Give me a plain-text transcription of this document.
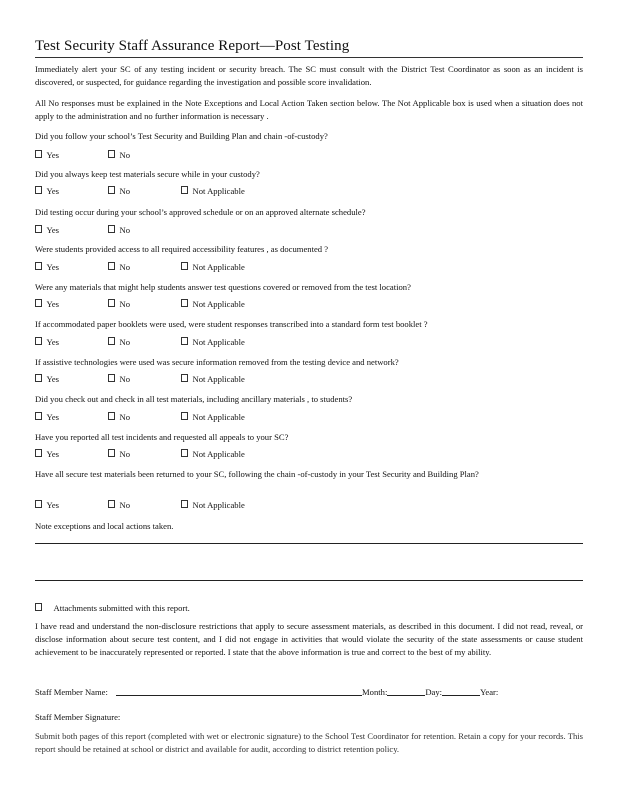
Test Security Staff Assurance Report—Post Testing
Immediately alert your SC of any testing incident or security breach. The SC must consult with the District Test Coordinator as soon as an incident is discovered, or suspected, for guidance regarding the investigation and possible score invalidation.
All No responses must be explained in the Note Exceptions and Local Action Taken section below. The Not Applicable box is used when a situation does not apply to the administration and no further information is necessary .
Did you follow your school’s Test Security and Building Plan and chain -of-custody?
Yes	No
Did you always keep test materials secure while in your custody?
Yes	No	Not Applicable
Did testing occur during your school’s approved schedule or on an approved alternate schedule?
Yes	No
Were students provided access to all required accessibility features , as documented ?
Yes	No	Not Applicable
Were any materials that might help students answer test questions covered or removed from the test location?
Yes	No	Not Applicable
If accommodated paper booklets were used, were student responses transcribed into a standard form test booklet ?
Yes	No	Not Applicable
If assistive technologies were used was secure information removed from the testing device and network?
Yes	No	Not Applicable
Did you check out and check in all test materials, including ancillary materials , to students?
Yes	No	Not Applicable
Have you reported all test incidents and requested all appeals to your SC?
Yes	No	Not Applicable
Have all secure test materials been returned to your SC, following the chain -of-custody in your Test Security and Building Plan?
Yes	No	Not Applicable
Note exceptions and local actions taken.
Attachments submitted with this report.
I have read and understand the non-disclosure restrictions that apply to secure assessment materials, as described in this document. I did not read, reveal, or disclose information about secure test content, and I did not engage in activities that would violate the security of the state assessments or cause student achievement to be inaccurately represented or reported. I state that the above information is true and correct to the best of my ability.
Staff Member Name:	Month:	Day:	Year:
Staff Member Signature:
Submit both pages of this report (completed with wet or electronic signature) to the School Test Coordinator for retention. Retain a copy for your records. This report should be retained at school or district and available for audit, according to district retention policy.
